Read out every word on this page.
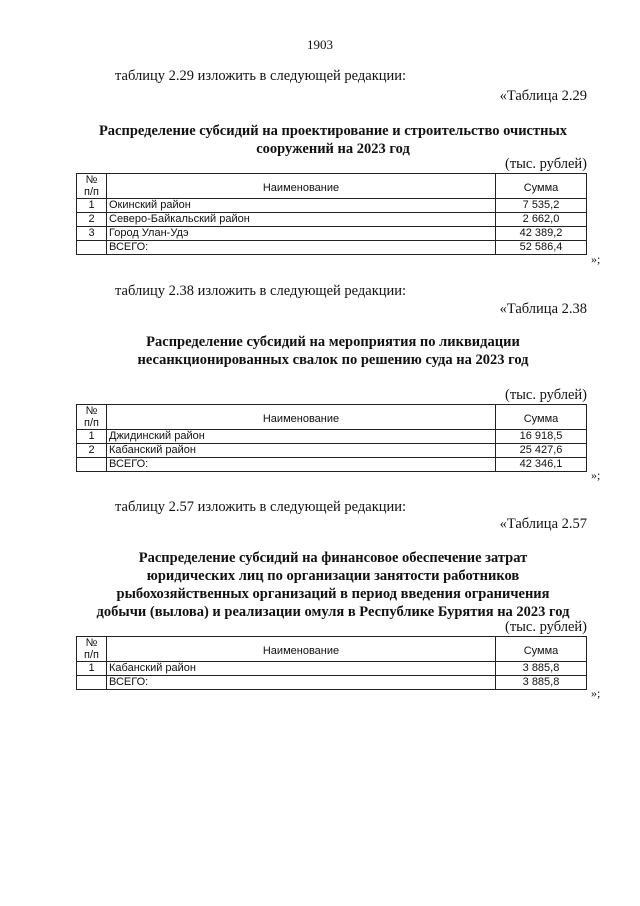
1903
таблицу 2.29 изложить в следующей редакции:
«Таблица 2.29
Распределение субсидий на проектирование и строительство очистных
сооружений на 2023 год
(тыс. рублей)
№
п/п	Наименование	Сумма
1	Окинский район	7 535,2
2	Северо-Байкальский район	2 662,0
3	Город Улан-Удэ	42 389,2
	ВСЕГО:	52 586,4
»;
таблицу 2.38 изложить в следующей редакции:
«Таблица 2.38
Распределение субсидий на мероприятия по ликвидации
несанкционированных свалок по решению суда на 2023 год
(тыс. рублей)
№
п/п	Наименование	Сумма
1	Джидинский район	16 918,5
2	Кабанский район	25 427,6
	ВСЕГО:	42 346,1
»;
таблицу 2.57 изложить в следующей редакции:
«Таблица 2.57
Распределение субсидий на финансовое обеспечение затрат
юридических лиц по организации занятости работников
рыбохозяйственных организаций в период введения ограничения
добычи (вылова) и реализации омуля в Республике Бурятия на 2023 год
(тыс. рублей)
№
п/п	Наименование	Сумма
1	Кабанский район	3 885,8
	ВСЕГО:	3 885,8
»;
